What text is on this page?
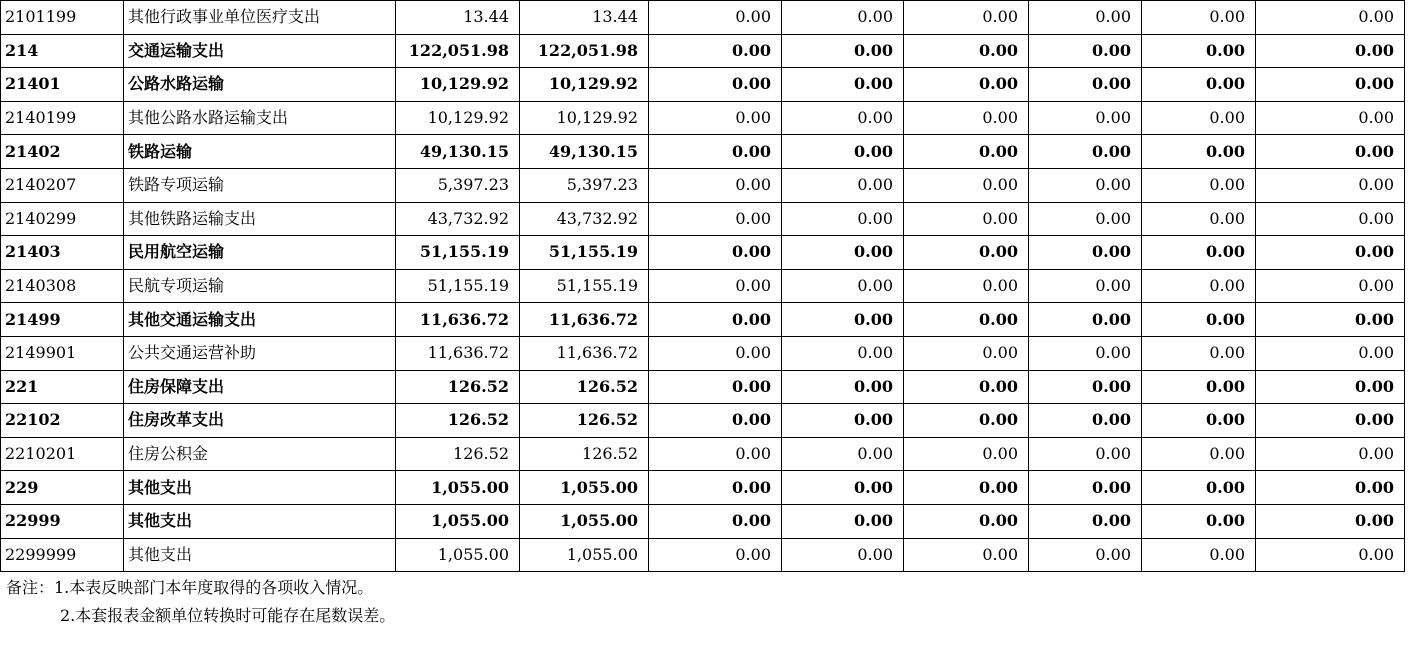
2101199	其他行政事业单位医疗支出	13.44	13.44	0.00	0.00	0.00	0.00	0.00	0.00
214	交通运输支出	122,051.98	122,051.98	0.00	0.00	0.00	0.00	0.00	0.00
21401	公路水路运输	10,129.92	10,129.92	0.00	0.00	0.00	0.00	0.00	0.00
2140199	其他公路水路运输支出	10,129.92	10,129.92	0.00	0.00	0.00	0.00	0.00	0.00
21402	铁路运输	49,130.15	49,130.15	0.00	0.00	0.00	0.00	0.00	0.00
2140207	铁路专项运输	5,397.23	5,397.23	0.00	0.00	0.00	0.00	0.00	0.00
2140299	其他铁路运输支出	43,732.92	43,732.92	0.00	0.00	0.00	0.00	0.00	0.00
21403	民用航空运输	51,155.19	51,155.19	0.00	0.00	0.00	0.00	0.00	0.00
2140308	民航专项运输	51,155.19	51,155.19	0.00	0.00	0.00	0.00	0.00	0.00
21499	其他交通运输支出	11,636.72	11,636.72	0.00	0.00	0.00	0.00	0.00	0.00
2149901	公共交通运营补助	11,636.72	11,636.72	0.00	0.00	0.00	0.00	0.00	0.00
221	住房保障支出	126.52	126.52	0.00	0.00	0.00	0.00	0.00	0.00
22102	住房改革支出	126.52	126.52	0.00	0.00	0.00	0.00	0.00	0.00
2210201	住房公积金	126.52	126.52	0.00	0.00	0.00	0.00	0.00	0.00
229	其他支出	1,055.00	1,055.00	0.00	0.00	0.00	0.00	0.00	0.00
22999	其他支出	1,055.00	1,055.00	0.00	0.00	0.00	0.00	0.00	0.00
2299999	其他支出	1,055.00	1,055.00	0.00	0.00	0.00	0.00	0.00	0.00
备注：1.本表反映部门本年度取得的各项收入情况。
2.本套报表金额单位转换时可能存在尾数误差。
